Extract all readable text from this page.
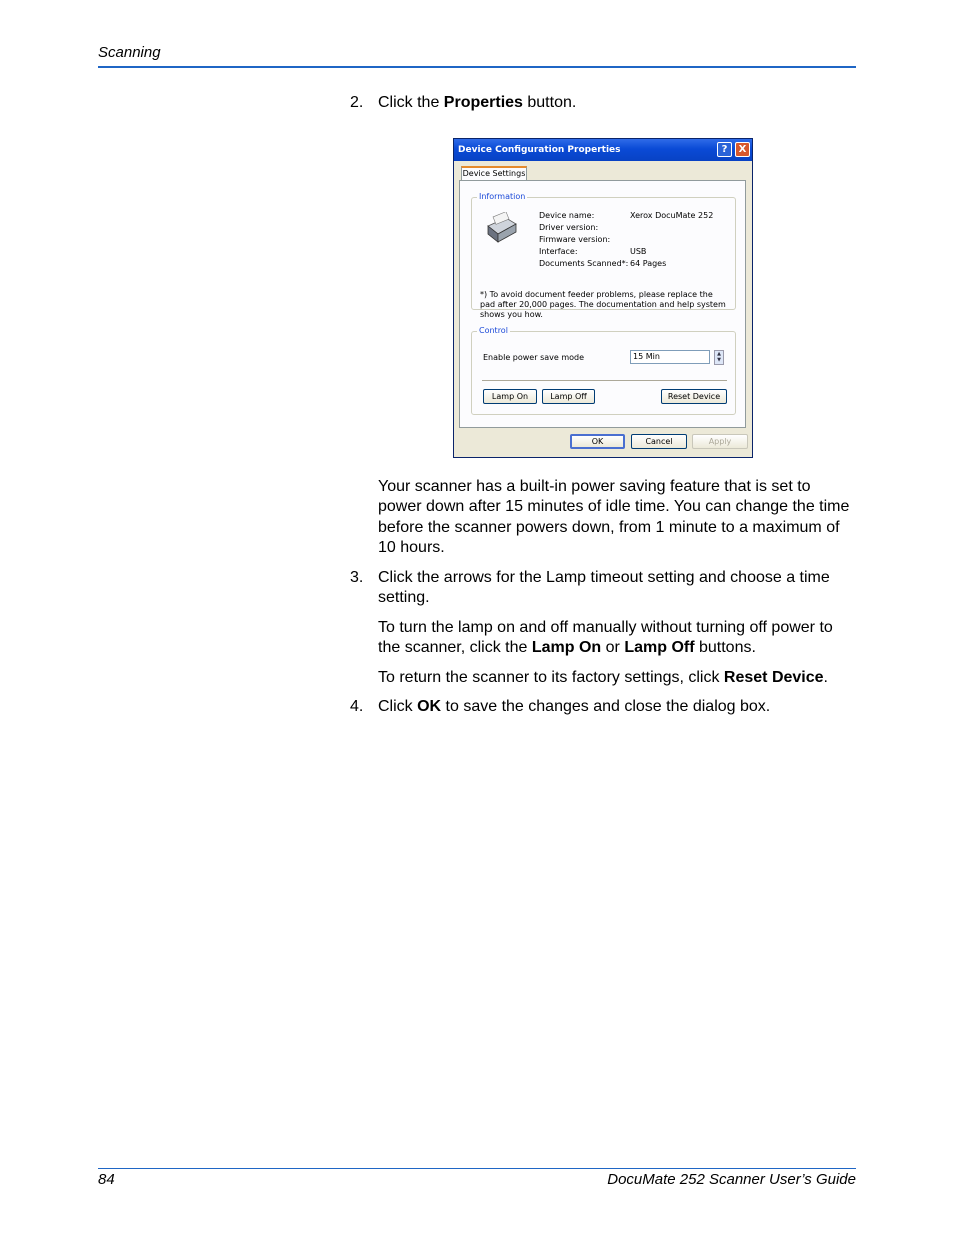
Scanning
2. Click the Properties button.
Device Configuration Properties	?	X
Device Settings
Information
Device name:	Xerox DocuMate 252
Driver version:
Firmware version:
Interface:	USB
Documents Scanned*: 64 Pages
*) To avoid document feeder problems, please replace the pad after 20,000 pages. The documentation and help system shows you how.
Control
Enable power save mode	15 Min	▲
▼
Lamp On	Lamp Off	Reset Device
OK	Cancel	Apply
Your scanner has a built-in power saving feature that is set to power down after 15 minutes of idle time. You can change the time before the scanner powers down, from 1 minute to a maximum of 10 hours.
3. Click the arrows for the Lamp timeout setting and choose a time setting.
To turn the lamp on and off manually without turning off power to the scanner, click the Lamp On or Lamp Off buttons.
To return the scanner to its factory settings, click Reset Device.
4. Click OK to save the changes and close the dialog box.
84	DocuMate 252 Scanner User’s Guide
